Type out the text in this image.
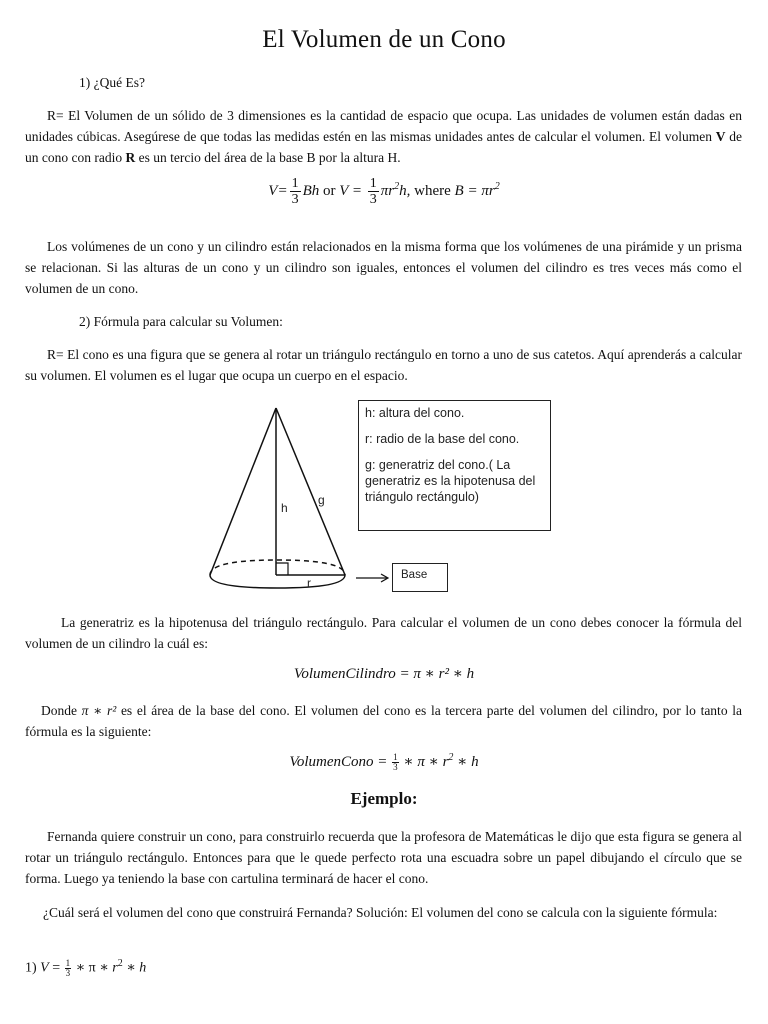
El Volumen de un Cono
1) ¿Qué Es?
R= El Volumen de un sólido de 3 dimensiones es la cantidad de espacio que ocupa. Las unidades de volumen están dadas en unidades cúbicas. Asegúrese de que todas las medidas estén en las mismas unidades antes de calcular el volumen. El volumen V de un cono con radio R es un tercio del área de la base B por la altura H.
$V= \frac{1}{3}$ Bh or $V = \frac{1}{3} \pi r^2h$, where $B = \pi r^2$
Los volúmenes de un cono y un cilindro están relacionados en la misma forma que los volúmenes de una pirámide y un prisma se relacionan. Si las alturas de un cono y un cilindro son iguales, entonces el volumen del cilindro es tres veces más como el volumen de un cono.
2) Fórmula para calcular su Volumen:
R= El cono es una figura que se genera al rotar un triángulo rectángulo en torno a uno de sus catetos. Aquí aprenderás a calcular su volumen. El volumen es el lugar que ocupa un cuerpo en el espacio.
h
g
r
h: altura del cono.
r: radio de la base del cono.
g: generatriz del cono.( La generatriz es la hipotenusa del triángulo rectángulo)
Base
La generatriz es la hipotenusa del triángulo rectángulo. Para calcular el volumen de un cono debes conocer la fórmula del volumen de un cilindro la cuál es:
VolumenCilindro = π ∗ r² ∗ h
Donde π ∗ r² es el área de la base del cono. El volumen del cono es la tercera parte del volumen del cilindro, por lo tanto la fórmula es la siguiente:
VolumenCono = $\frac{1}{3}$ ∗ π ∗ $r^2$ ∗ h
Ejemplo:
Fernanda quiere construir un cono, para construirlo recuerda que la profesora de Matemáticas le dijo que esta figura se genera al rotar un triángulo rectángulo. Entonces para que le quede perfecto rota una escuadra sobre un papel dibujando el círculo que se forma. Luego ya teniendo la base con cartulina terminará de hacer el cono.
¿Cuál será el volumen del cono que construirá Fernanda? Solución: El volumen del cono se calcula con la siguiente fórmula:
1) $V = \frac{1}{3}$ ∗ π ∗ $r^2$ ∗ h
